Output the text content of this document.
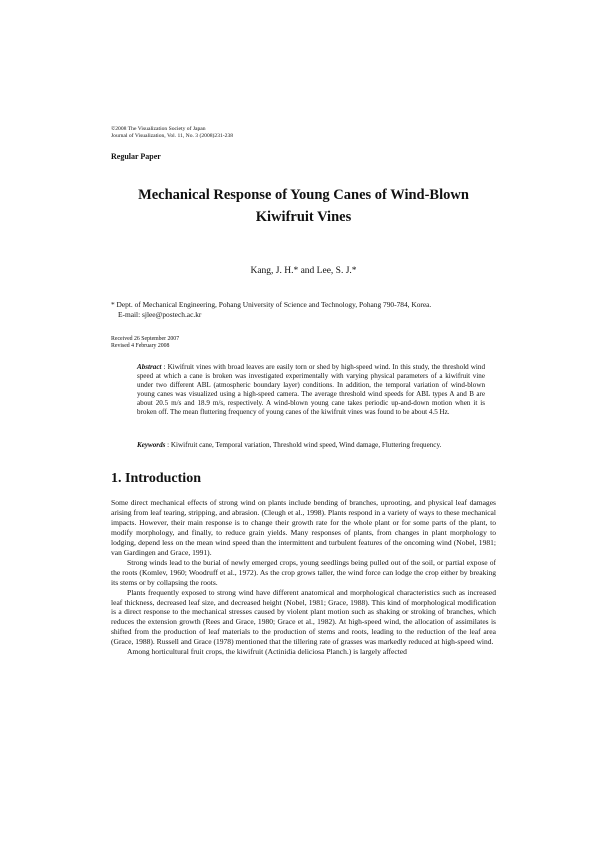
©2008 The Visualization Society of Japan
Journal of Visualization, Vol. 11, No. 3 (2008)231-238
Regular Paper
Mechanical Response of Young Canes of Wind-Blown
Kiwifruit Vines
Kang, J. H.* and Lee, S. J.*
* Dept. of Mechanical Engineering, Pohang University of Science and Technology, Pohang 790-784, Korea.
E-mail: sjlee@postech.ac.kr
Received 26 September 2007
Revised 4 February 2008
Abstract : Kiwifruit vines with broad leaves are easily torn or shed by high-speed wind. In this study, the threshold wind speed at which a cane is broken was investigated experimentally with varying physical parameters of a kiwifruit vine under two different ABL (atmospheric boundary layer) conditions. In addition, the temporal variation of wind-blown young canes was visualized using a high-speed camera. The average threshold wind speeds for ABL types A and B are about 20.5 m/s and 18.9 m/s, respectively. A wind-blown young cane takes periodic up-and-down motion when it is broken off. The mean fluttering frequency of young canes of the kiwifruit vines was found to be about 4.5 Hz.
Keywords : Kiwifruit cane, Temporal variation, Threshold wind speed, Wind damage, Fluttering frequency.
1. Introduction

Some direct mechanical effects of strong wind on plants include bending of branches, uprooting, and physical leaf damages arising from leaf tearing, stripping, and abrasion. (Cleugh et al., 1998). Plants respond in a variety of ways to these mechanical impacts. However, their main response is to change their growth rate for the whole plant or for some parts of the plant, to modify morphology, and finally, to reduce grain yields. Many responses of plants, from changes in plant morphology to lodging, depend less on the mean wind speed than the intermittent and turbulent features of the oncoming wind (Nobel, 1981; van Gardingen and Grace, 1991).

Strong winds lead to the burial of newly emerged crops, young seedlings being pulled out of the soil, or partial expose of the roots (Komlev, 1960; Woodruff et al., 1972). As the crop grows taller, the wind force can lodge the crop either by breaking its stems or by collapsing the roots.

Plants frequently exposed to strong wind have different anatomical and morphological characteristics such as increased leaf thickness, decreased leaf size, and decreased height (Nobel, 1981; Grace, 1988). This kind of morphological modification is a direct response to the mechanical stresses caused by violent plant motion such as shaking or stroking of branches, which reduces the extension growth (Rees and Grace, 1980; Grace et al., 1982). At high-speed wind, the allocation of assimilates is shifted from the production of leaf materials to the production of stems and roots, leading to the reduction of the leaf area (Grace, 1988). Russell and Grace (1978) mentioned that the tillering rate of grasses was markedly reduced at high-speed wind.

Among horticultural fruit crops, the kiwifruit (Actinidia deliciosa Planch.) is largely affected
